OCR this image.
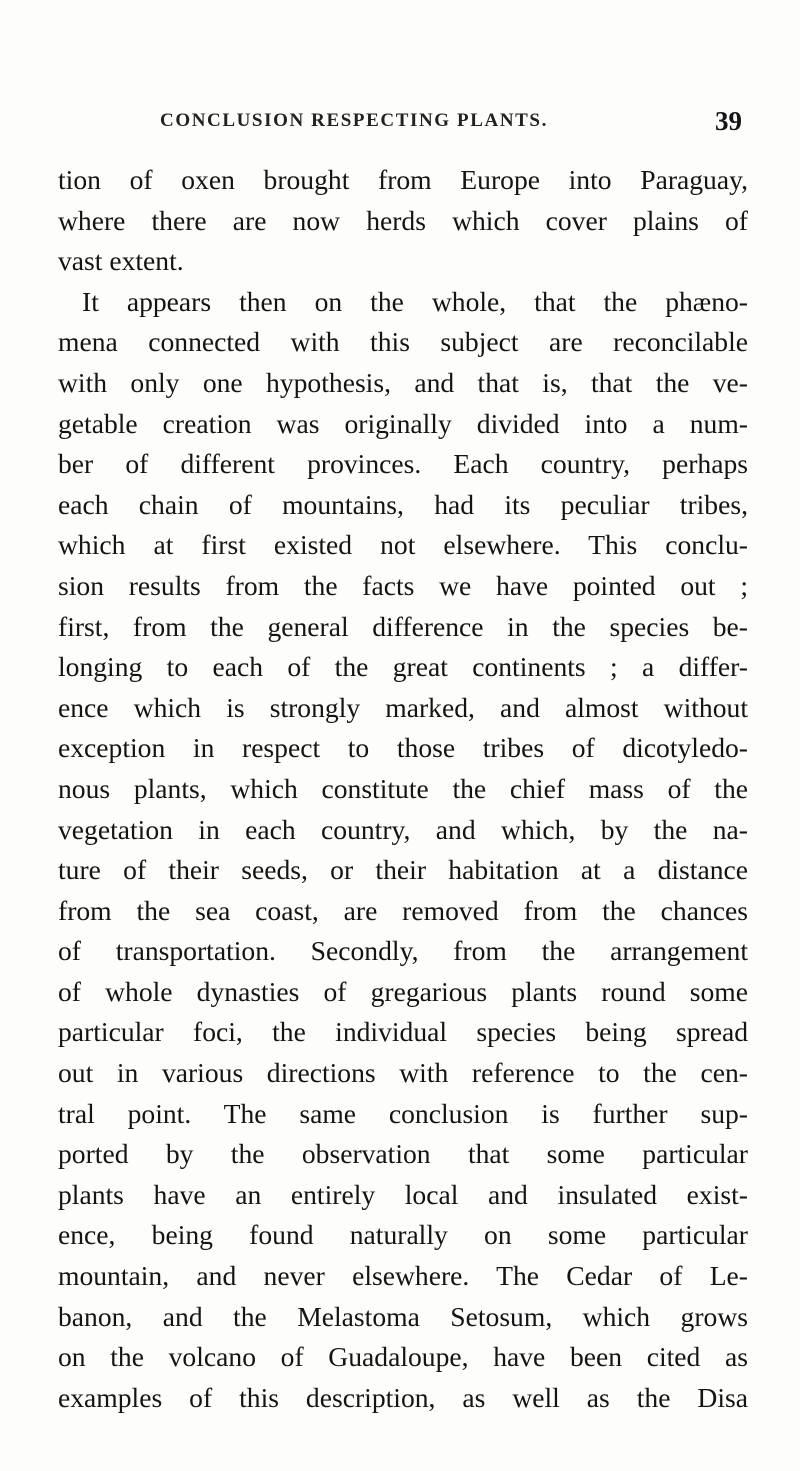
CONCLUSION RESPECTING PLANTS.	39
tion of oxen brought from Europe into Paraguay,
where there are now herds which cover plains of
vast extent.
It appears then on the whole, that the phæno-
mena connected with this subject are reconcilable
with only one hypothesis, and that is, that the ve-
getable creation was originally divided into a num-
ber of different provinces. Each country, perhaps
each chain of mountains, had its peculiar tribes,
which at first existed not elsewhere. This conclu-
sion results from the facts we have pointed out ;
first, from the general difference in the species be-
longing to each of the great continents ; a differ-
ence which is strongly marked, and almost without
exception in respect to those tribes of dicotyledo-
nous plants, which constitute the chief mass of the
vegetation in each country, and which, by the na-
ture of their seeds, or their habitation at a distance
from the sea coast, are removed from the chances
of transportation. Secondly, from the arrangement
of whole dynasties of gregarious plants round some
particular foci, the individual species being spread
out in various directions with reference to the cen-
tral point. The same conclusion is further sup-
ported by the observation that some particular
plants have an entirely local and insulated exist-
ence, being found naturally on some particular
mountain, and never elsewhere. The Cedar of Le-
banon, and the Melastoma Setosum, which grows
on the volcano of Guadaloupe, have been cited as
examples of this description, as well as the Disa
